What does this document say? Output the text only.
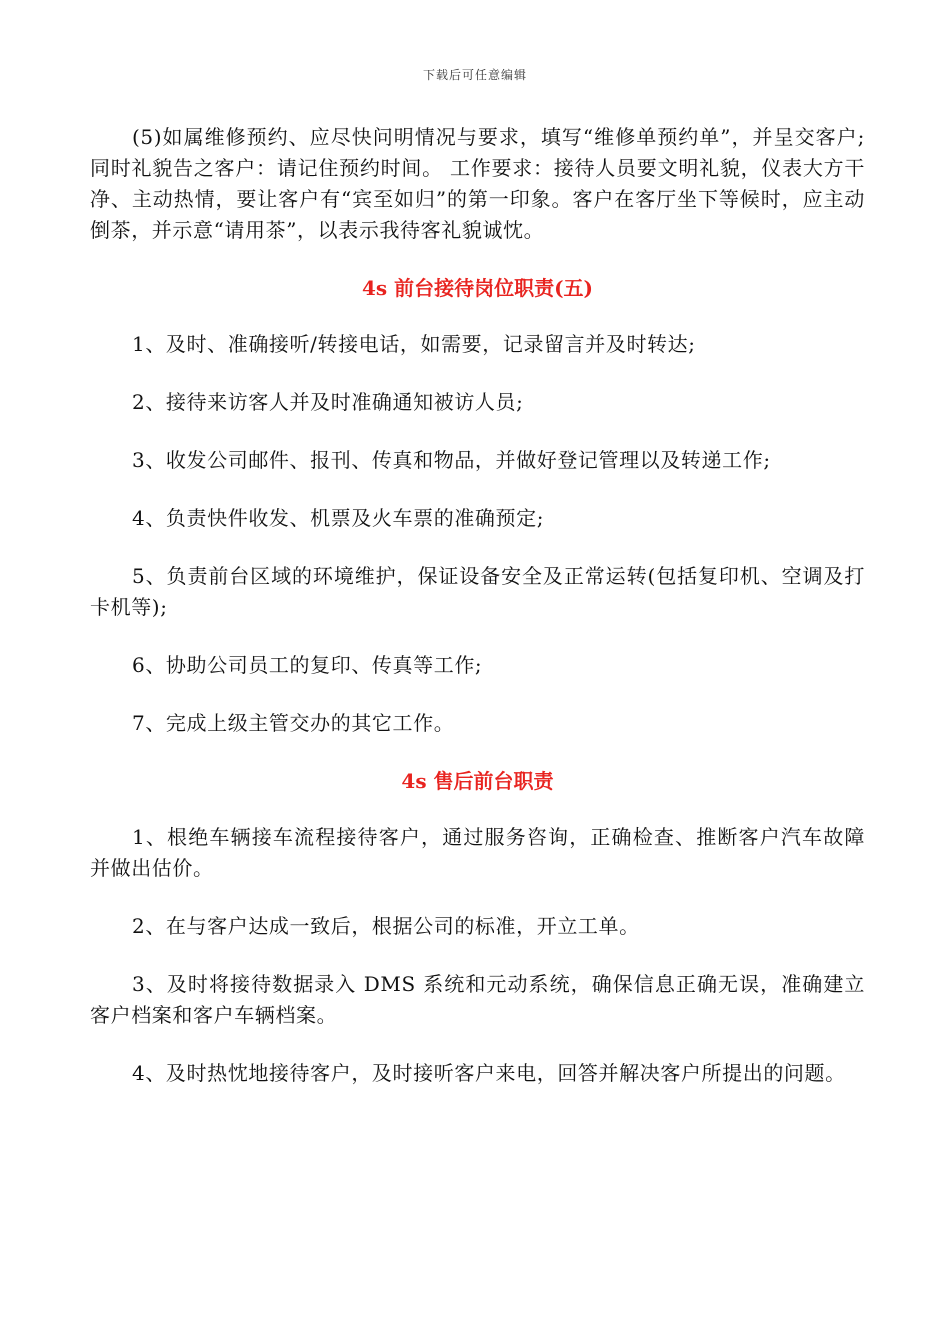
下载后可任意编辑

(5)如属维修预约、应尽快问明情况与要求，填写“维修单预约单”，并呈交客户;同时礼貌告之客户：请记住预约时间。 工作要求：接待人员要文明礼貌，仪表大方干净、主动热情，要让客户有“宾至如归”的第一印象。客户在客厅坐下等候时，应主动倒茶，并示意“请用茶”，以表示我待客礼貌诚忱。

4s 前台接待岗位职责(五)

1、及时、准确接听/转接电话，如需要，记录留言并及时转达;

2、接待来访客人并及时准确通知被访人员;

3、收发公司邮件、报刊、传真和物品，并做好登记管理以及转递工作;

4、负责快件收发、机票及火车票的准确预定;

5、负责前台区域的环境维护，保证设备安全及正常运转(包括复印机、空调及打卡机等);

6、协助公司员工的复印、传真等工作;

7、完成上级主管交办的其它工作。

4s 售后前台职责

1、根绝车辆接车流程接待客户，通过服务咨询，正确检查、推断客户汽车故障并做出估价。

2、在与客户达成一致后，根据公司的标准，开立工单。

3、及时将接待数据录入 DMS 系统和元动系统，确保信息正确无误，准确建立客户档案和客户车辆档案。

4、及时热忱地接待客户，及时接听客户来电，回答并解决客户所提出的问题。
